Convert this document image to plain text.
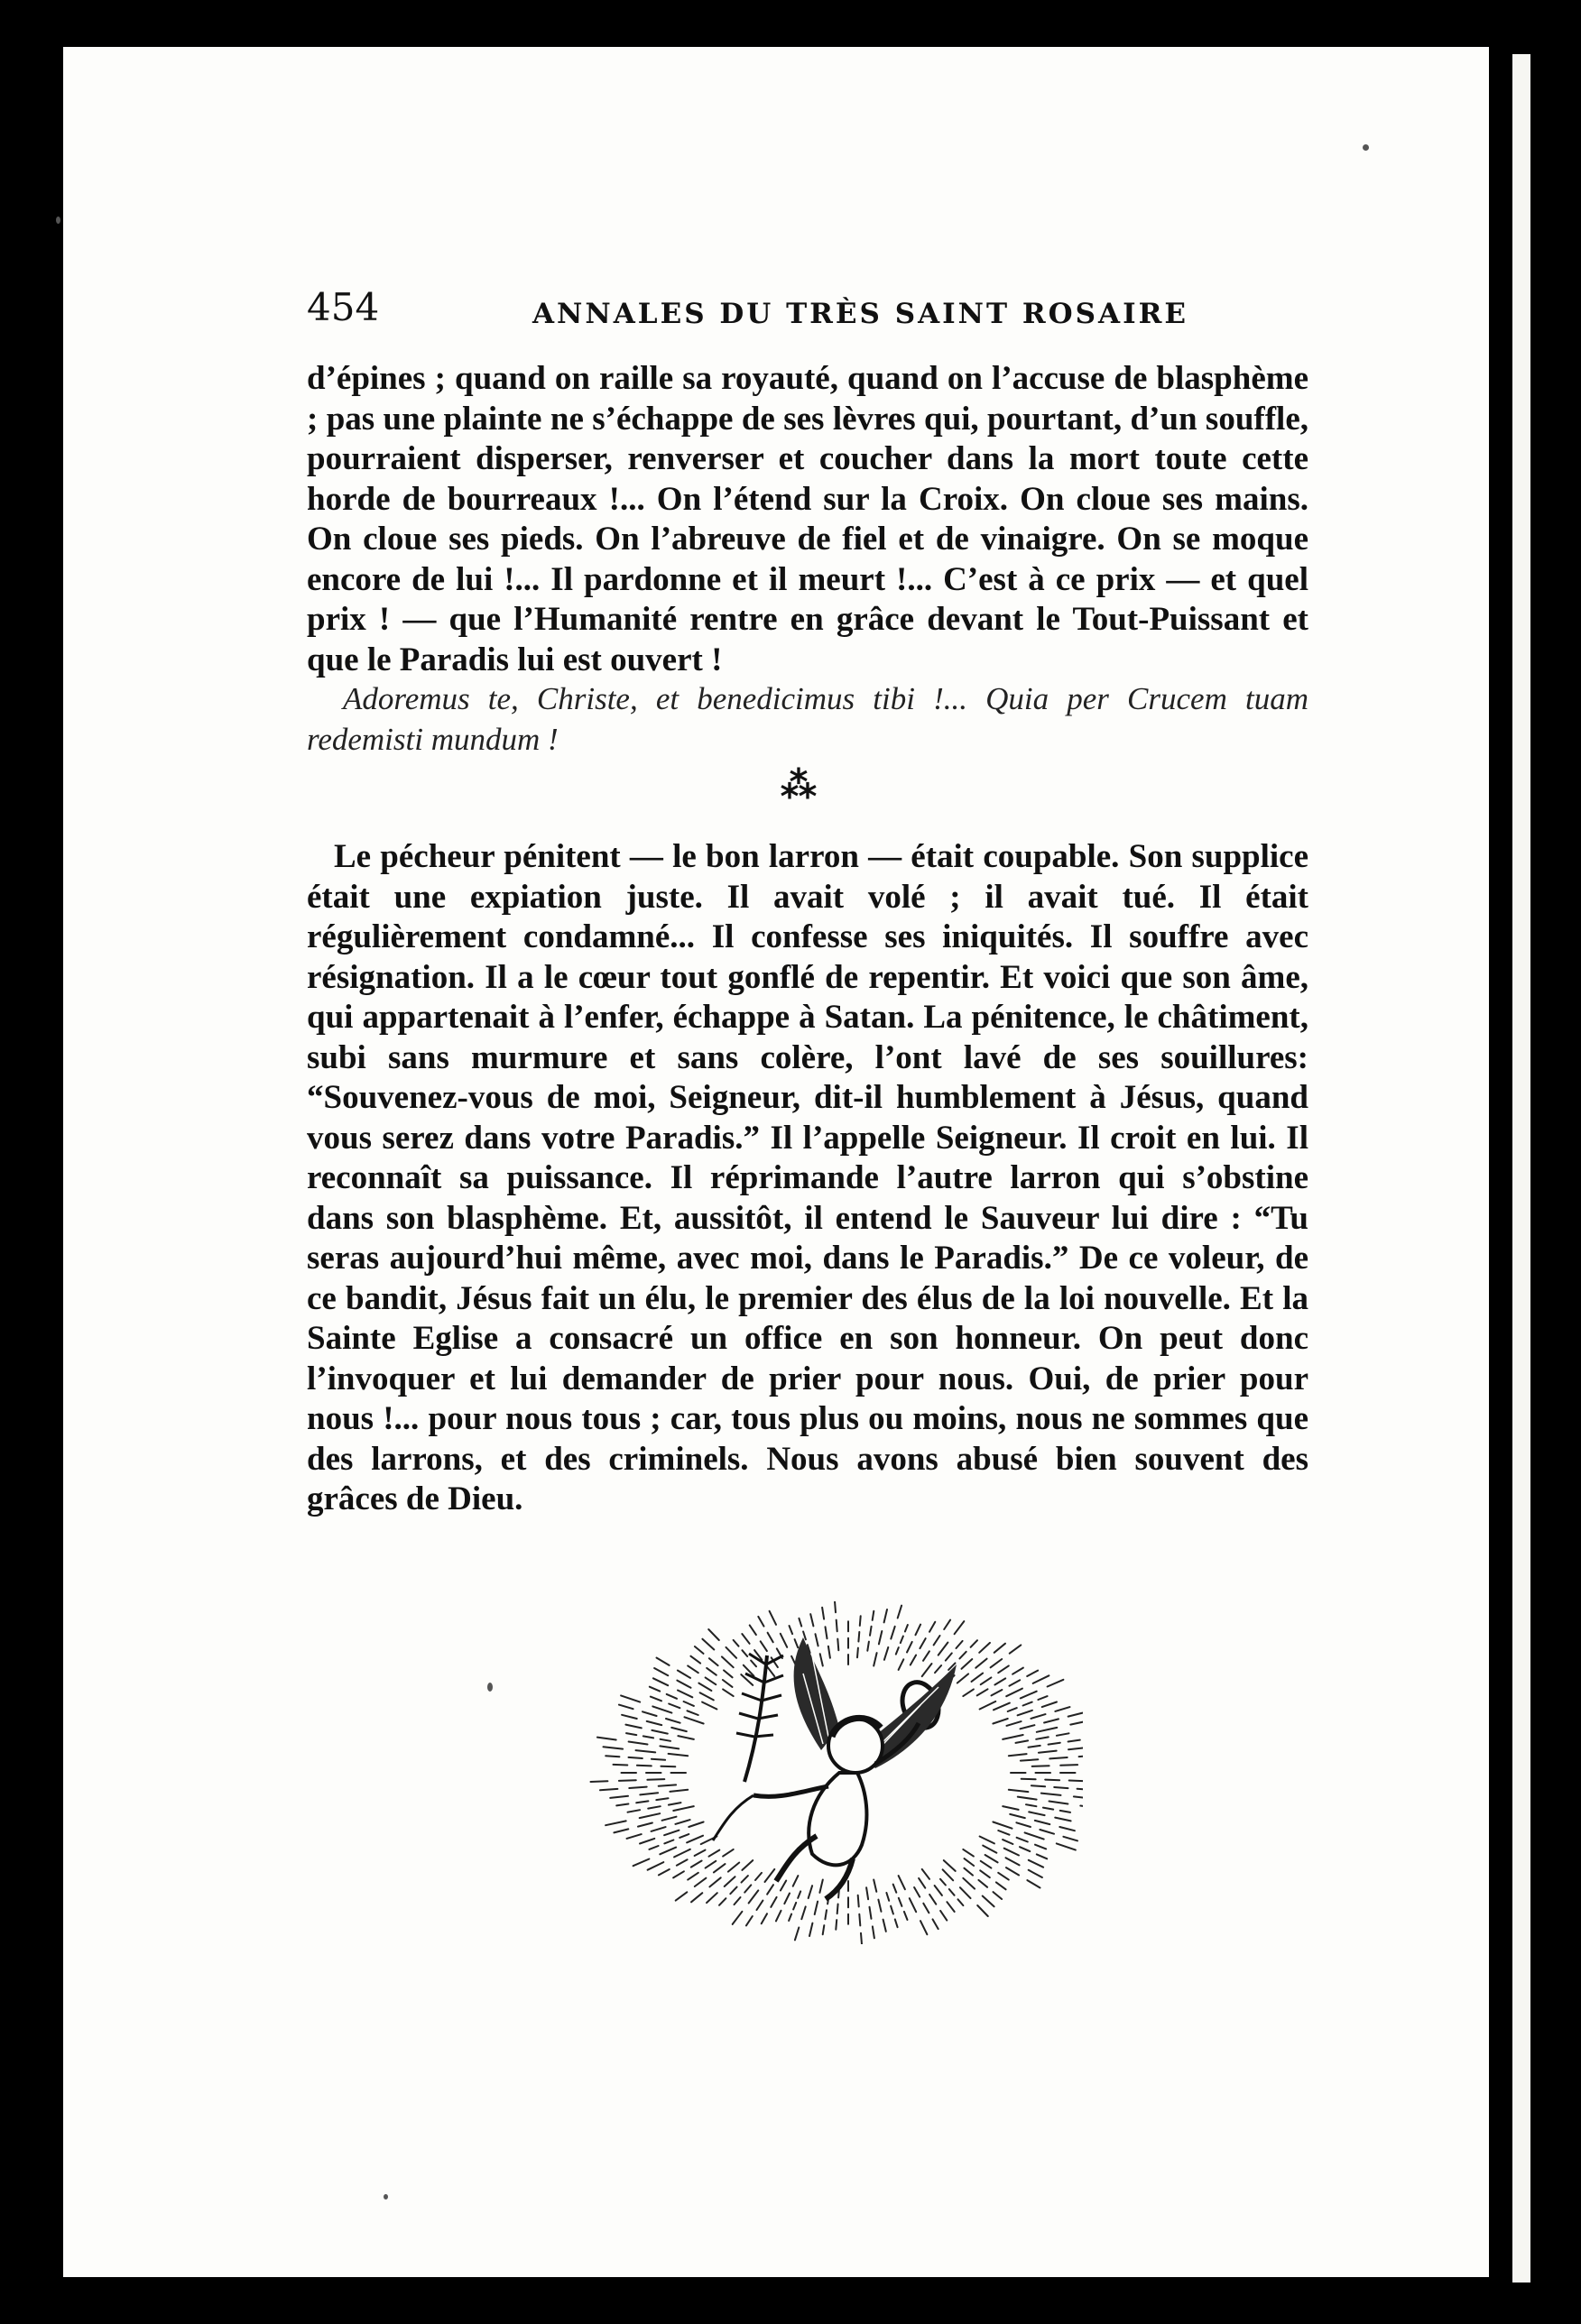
454	ANNALES DU TRÈS SAINT ROSAIRE

d’épines ; quand on raille sa royauté, quand on l’accuse de blasphème ; pas une plainte ne s’échappe de ses lèvres qui, pourtant, d’un souffle, pourraient disperser, renverser et coucher dans la mort toute cette horde de bourreaux !... On l’étend sur la Croix. On cloue ses mains. On cloue ses pieds. On l’abreuve de fiel et de vinaigre. On se moque encore de lui !... Il pardonne et il meurt !... C’est à ce prix — et quel prix ! — que l’Humanité rentre en grâce devant le Tout-Puissant et que le Paradis lui est ouvert !

Adoremus te, Christe, et benedicimus tibi !... Quia per Crucem tuam redemisti mundum !

⁂

Le pécheur pénitent — le bon larron — était coupable. Son supplice était une expiation juste. Il avait volé ; il avait tué. Il était régulièrement condamné... Il confesse ses iniquités. Il souffre avec résignation. Il a le cœur tout gonflé de repentir. Et voici que son âme, qui appartenait à l’enfer, échappe à Satan. La pénitence, le châtiment, subi sans murmure et sans colère, l’ont lavé de ses souillures: “Souvenez-vous de moi, Seigneur, dit-il humblement à Jésus, quand vous serez dans votre Paradis.” Il l’appelle Seigneur. Il croit en lui. Il reconnaît sa puissance. Il réprimande l’autre larron qui s’obstine dans son blasphème. Et, aussitôt, il entend le Sauveur lui dire : “Tu seras aujourd’hui même, avec moi, dans le Paradis.” De ce voleur, de ce bandit, Jésus fait un élu, le premier des élus de la loi nouvelle. Et la Sainte Eglise a consacré un office en son honneur. On peut donc l’invoquer et lui demander de prier pour nous. Oui, de prier pour nous !... pour nous tous ; car, tous plus ou moins, nous ne sommes que des larrons, et des criminels. Nous avons abusé bien souvent des grâces de Dieu.
